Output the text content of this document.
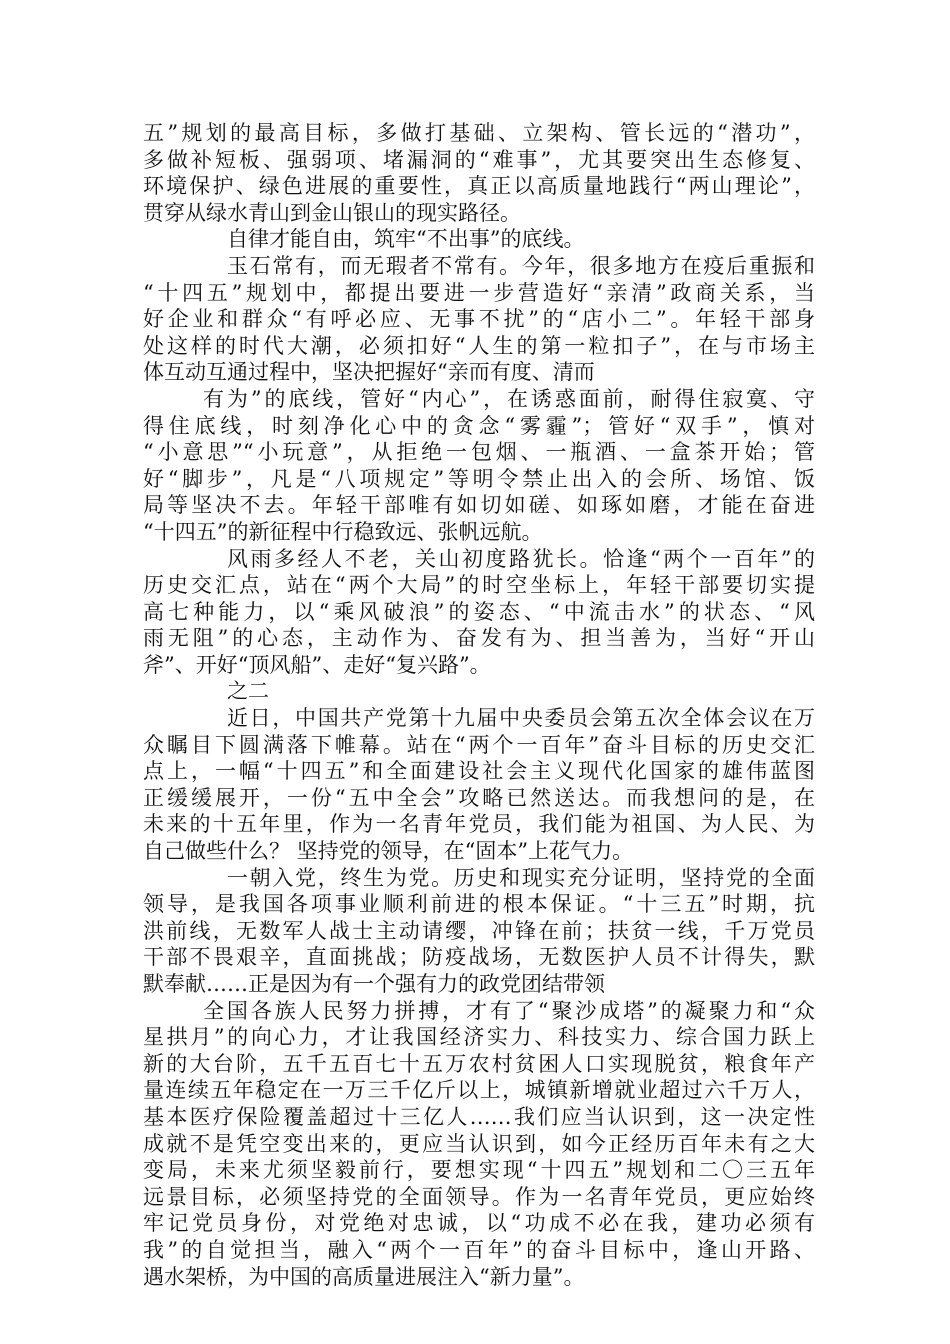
五”规划的最高目标，多做打基础、立架构、管长远的“潜功”，
多做补短板、强弱项、堵漏洞的“难事”，尤其要突出生态修复、
环境保护、绿色进展的重要性，真正以高质量地践行“两山理论”，
贯穿从绿水青山到金山银山的现实路径。
自律才能自由，筑牢“不出事”的底线。
玉石常有，而无瑕者不常有。今年，很多地方在疫后重振和
“十四五”规划中，都提出要进一步营造好“亲清”政商关系，当
好企业和群众“有呼必应、无事不扰”的“店小二”。年轻干部身
处这样的时代大潮，必须扣好“人生的第一粒扣子”，在与市场主
体互动互通过程中，坚决把握好“亲而有度、清而
有为”的底线，管好“内心”，在诱惑面前，耐得住寂寞、守
得住底线，时刻净化心中的贪念“雾霾”；管好“双手”，慎对
“小意思”“小玩意”，从拒绝一包烟、一瓶酒、一盒茶开始；管
好“脚步”，凡是“八项规定”等明令禁止出入的会所、场馆、饭
局等坚决不去。年轻干部唯有如切如磋、如琢如磨，才能在奋进
“十四五”的新征程中行稳致远、张帆远航。
风雨多经人不老，关山初度路犹长。恰逢“两个一百年”的
历史交汇点，站在“两个大局”的时空坐标上，年轻干部要切实提
高七种能力，以“乘风破浪”的姿态、“中流击水”的状态、“风
雨无阻”的心态，主动作为、奋发有为、担当善为，当好“开山
斧”、开好“顶风船”、走好“复兴路”。
之二
近日，中国共产党第十九届中央委员会第五次全体会议在万
众瞩目下圆满落下帷幕。站在“两个一百年”奋斗目标的历史交汇
点上，一幅“十四五”和全面建设社会主义现代化国家的雄伟蓝图
正缓缓展开，一份“五中全会”攻略已然送达。而我想问的是，在
未来的十五年里，作为一名青年党员，我们能为祖国、为人民、为
自己做些什么？ 坚持党的领导，在“固本”上花气力。
一朝入党，终生为党。历史和现实充分证明，坚持党的全面
领导，是我国各项事业顺利前进的根本保证。“十三五”时期，抗
洪前线，无数军人战士主动请缨，冲锋在前；扶贫一线，千万党员
干部不畏艰辛，直面挑战；防疫战场，无数医护人员不计得失，默
默奉献……正是因为有一个强有力的政党团结带领
全国各族人民努力拼搏，才有了“聚沙成塔”的凝聚力和“众
星拱月”的向心力，才让我国经济实力、科技实力、综合国力跃上
新的大台阶，五千五百七十五万农村贫困人口实现脱贫，粮食年产
量连续五年稳定在一万三千亿斤以上，城镇新增就业超过六千万人，
基本医疗保险覆盖超过十三亿人……我们应当认识到，这一决定性
成就不是凭空变出来的，更应当认识到，如今正经历百年未有之大
变局，未来尤须坚毅前行，要想实现“十四五”规划和二〇三五年
远景目标，必须坚持党的全面领导。作为一名青年党员，更应始终
牢记党员身份，对党绝对忠诚，以“功成不必在我，建功必须有
我”的自觉担当，融入“两个一百年”的奋斗目标中，逢山开路、
遇水架桥，为中国的高质量进展注入“新力量”。
